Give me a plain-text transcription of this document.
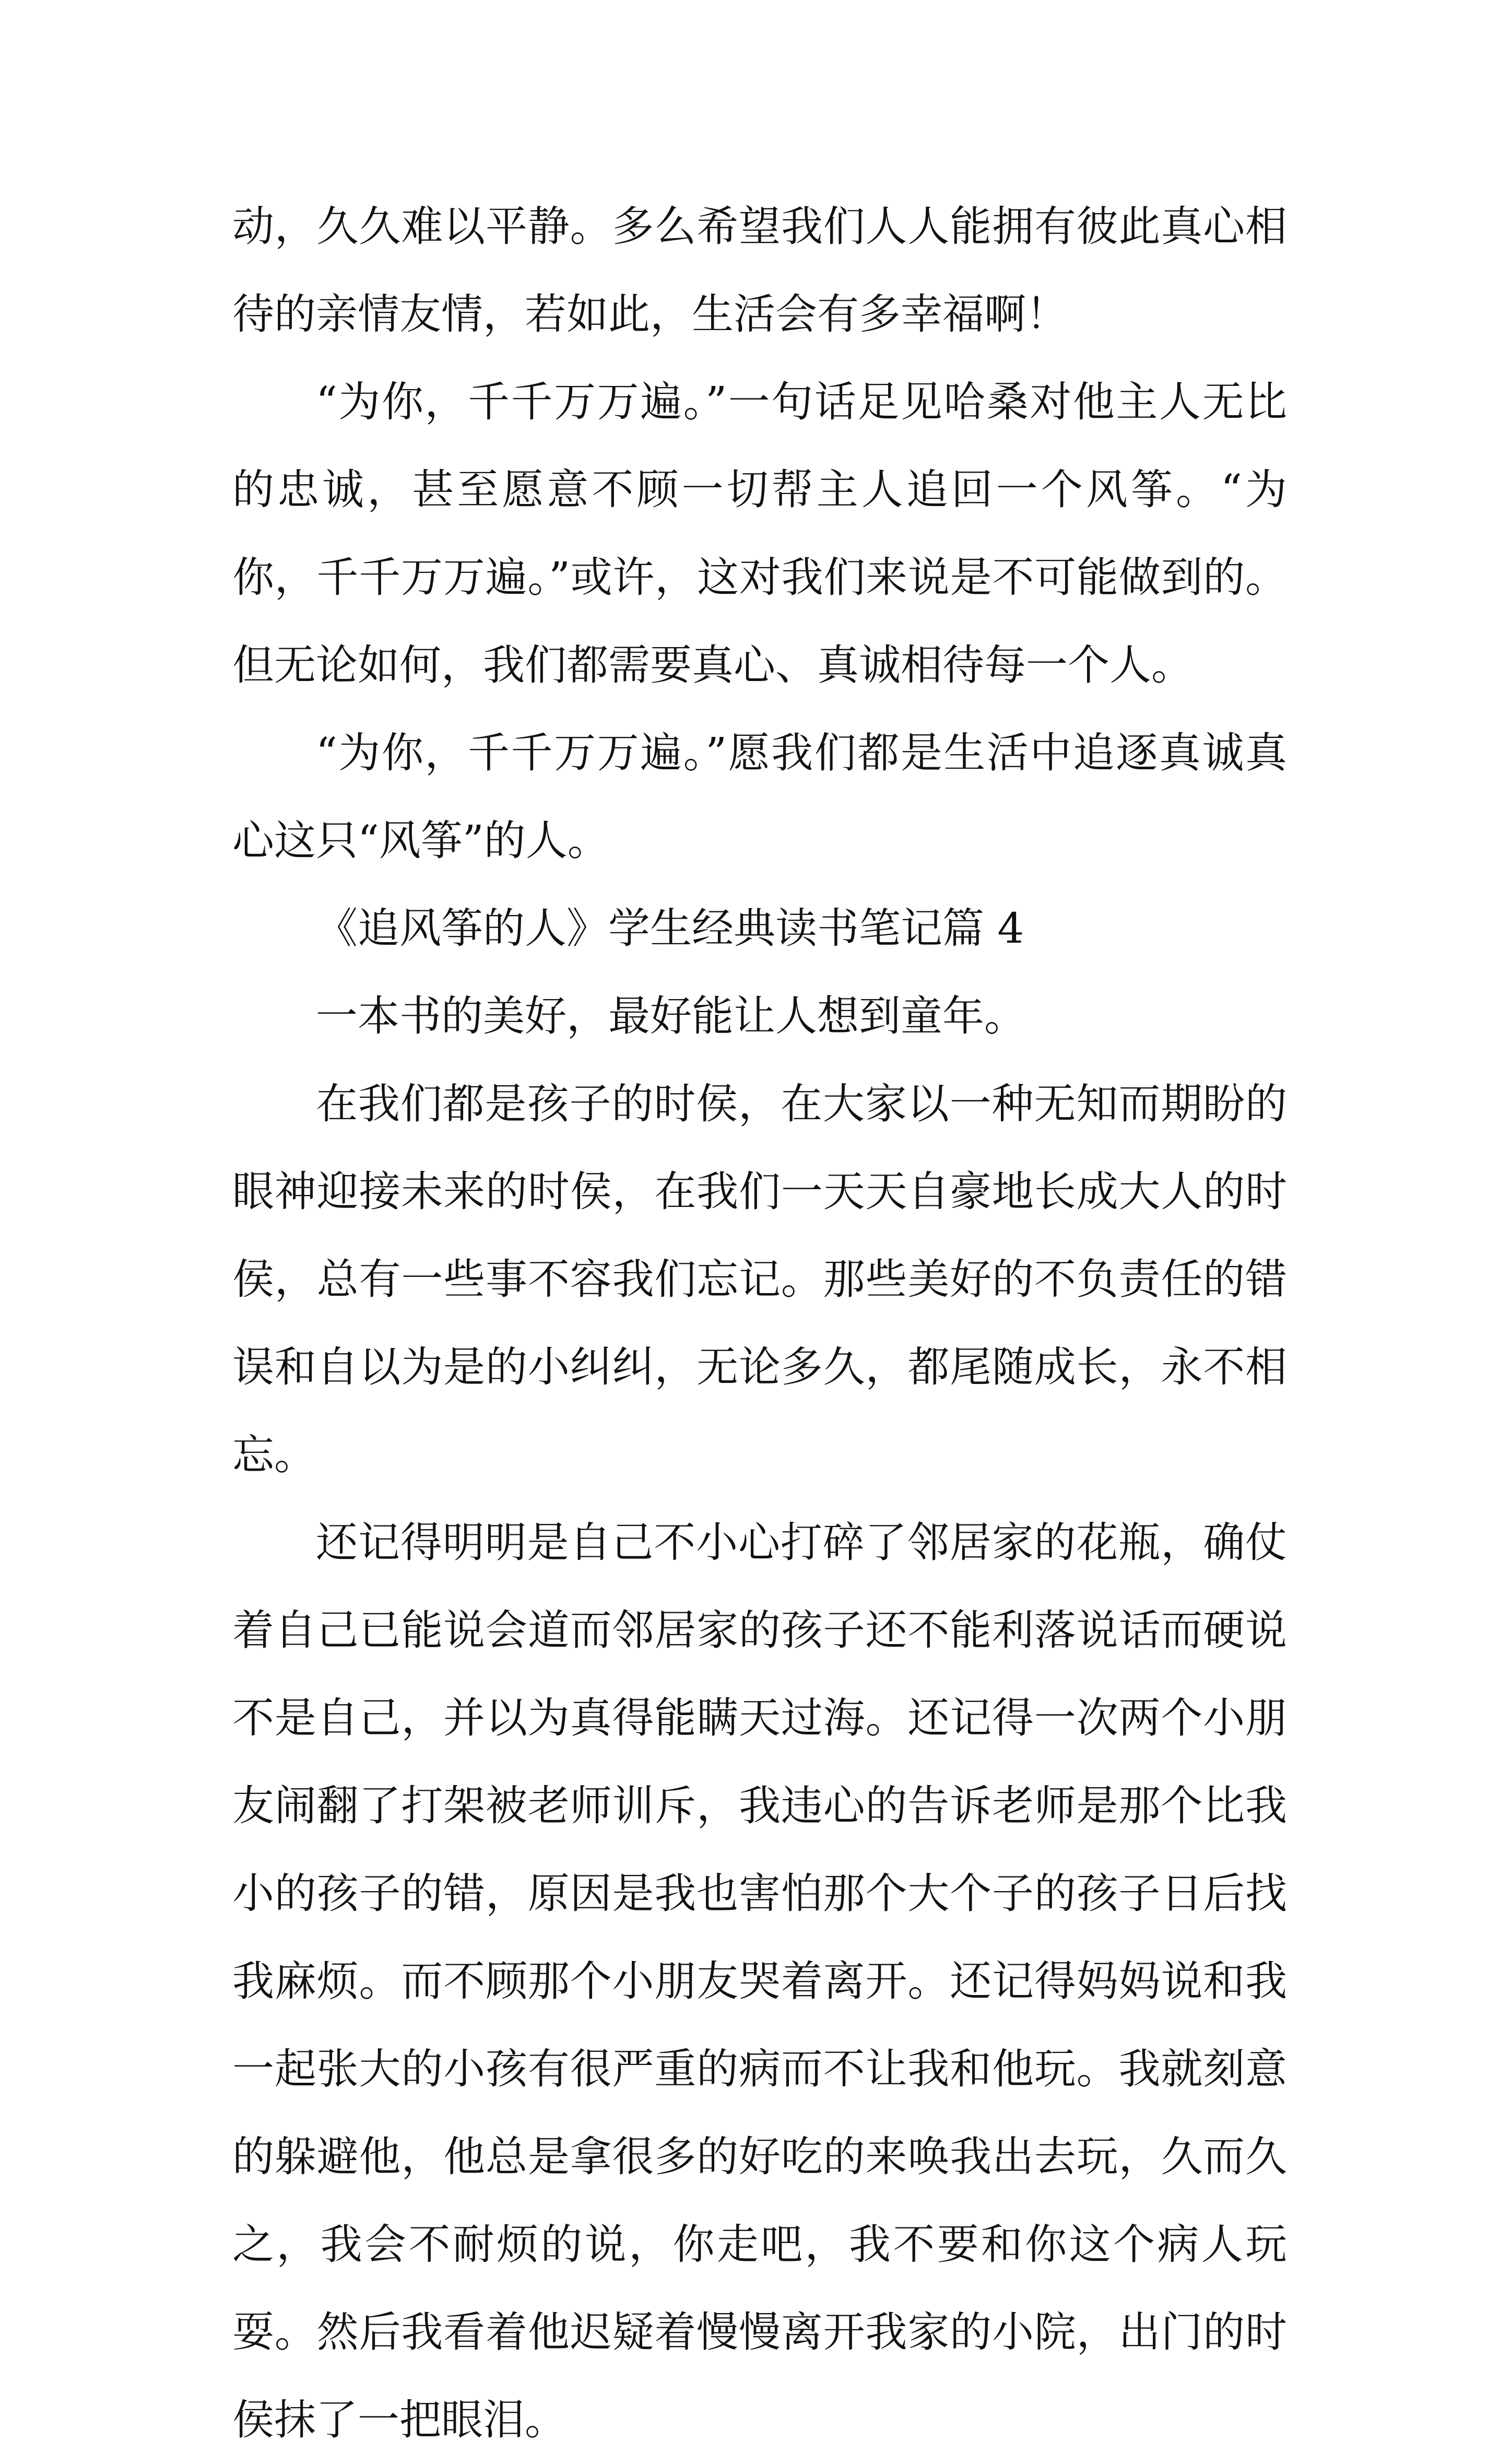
动，久久难以平静。多么希望我们人人能拥有彼此真心相待的亲情友情，若如此，生活会有多幸福啊！

“为你，千千万万遍。”一句话足见哈桑对他主人无比的忠诚，甚至愿意不顾一切帮主人追回一个风筝。“为你，千千万万遍。”或许，这对我们来说是不可能做到的。但无论如何，我们都需要真心、真诚相待每一个人。

“为你，千千万万遍。”愿我们都是生活中追逐真诚真心这只“风筝”的人。

《追风筝的人》学生经典读书笔记篇 4

一本书的美好，最好能让人想到童年。

在我们都是孩子的时侯，在大家以一种无知而期盼的眼神迎接未来的时侯，在我们一天天自豪地长成大人的时侯，总有一些事不容我们忘记。那些美好的不负责任的错误和自以为是的小纠纠，无论多久，都尾随成长，永不相忘。

还记得明明是自己不小心打碎了邻居家的花瓶，确仗着自己已能说会道而邻居家的孩子还不能利落说话而硬说不是自己，并以为真得能瞒天过海。还记得一次两个小朋友闹翻了打架被老师训斥，我违心的告诉老师是那个比我小的孩子的错，原因是我也害怕那个大个子的孩子日后找我麻烦。而不顾那个小朋友哭着离开。还记得妈妈说和我一起张大的小孩有很严重的病而不让我和他玩。我就刻意的躲避他，他总是拿很多的好吃的来唤我出去玩，久而久之，我会不耐烦的说，你走吧，我不要和你这个病人玩耍。然后我看着他迟疑着慢慢离开我家的小院，出门的时侯抹了一把眼泪。
